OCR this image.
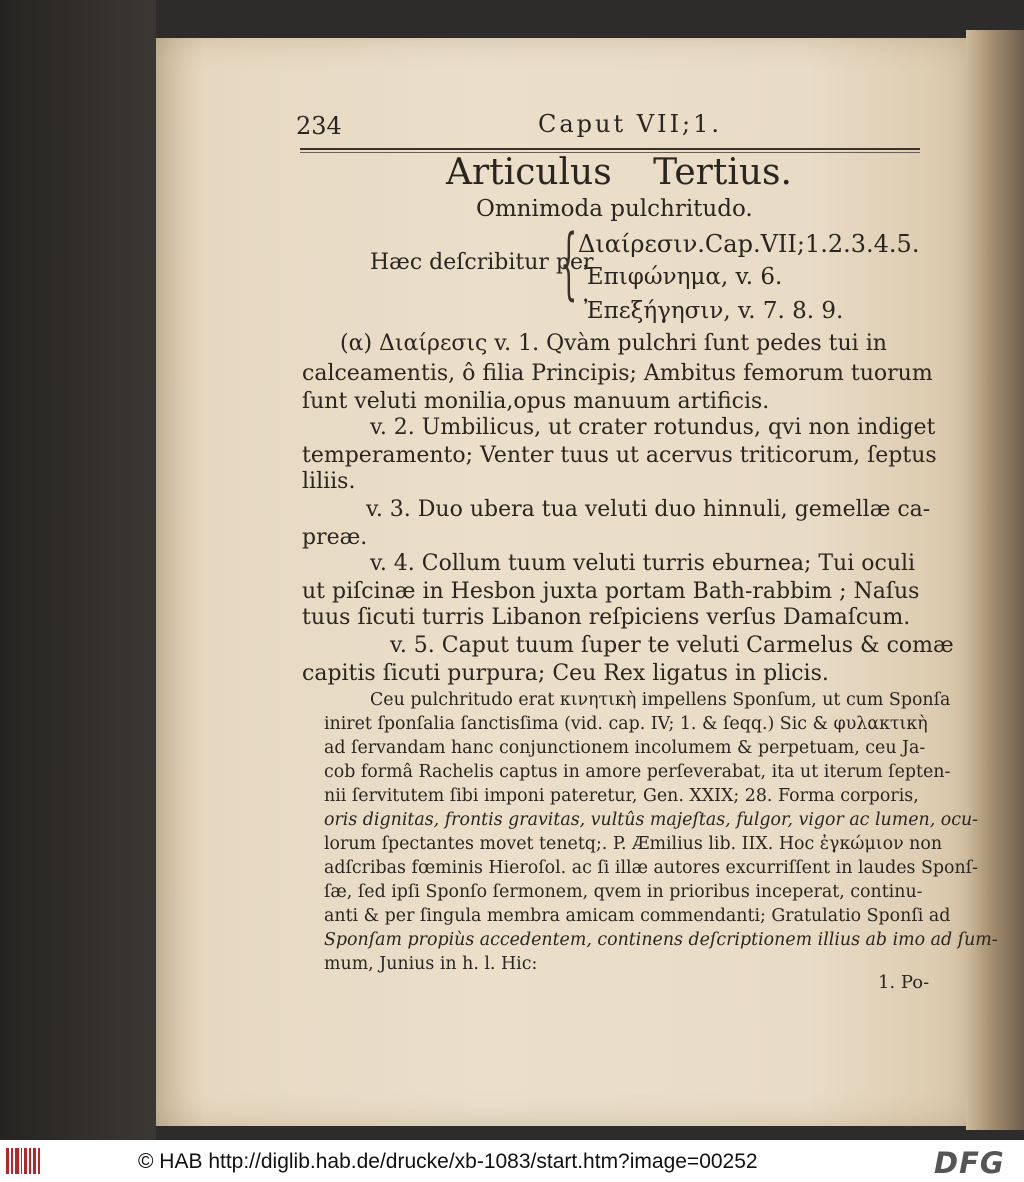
234	Caput VII;1.
Articulus Tertius.
Omnimoda pulchritudo.
Hæc deſcribitur per
{ Διαίρεσιν.Cap.VII;1.2.3.4.5.
Ἐπιφώνημα, v. 6.
Ἐπεξήγησιν, v. 7. 8. 9.
(α) Διαίρεσις v. 1. Qvàm pulchri ſunt pedes tui in
calceamentis, ô filia Principis; Ambitus femorum tuorum
ſunt veluti monilia,opus manuum artificis.
v. 2. Umbilicus, ut crater rotundus, qvi non indiget
temperamento; Venter tuus ut acervus triticorum, ſeptus
liliis.
v. 3. Duo ubera tua veluti duo hinnuli, gemellæ ca-
preæ.
v. 4. Collum tuum veluti turris eburnea; Tui oculi
ut piſcinæ in Hesbon juxta portam Bath-rabbim ; Naſus
tuus ſicuti turris Libanon reſpiciens verſus Damaſcum.
v. 5. Caput tuum ſuper te veluti Carmelus & comæ
capitis ſicuti purpura; Ceu Rex ligatus in plicis.
Ceu pulchritudo erat κινητικὴ impellens Sponſum, ut cum Sponſa
iniret ſponſalia ſanctisſima (vid. cap. IV; 1. & ſeqq.) Sic & φυλακτικὴ
ad ſervandam hanc conjunctionem incolumem & perpetuam, ceu Ja-
cob formâ Rachelis captus in amore perſeverabat, ita ut iterum ſepten-
nii ſervitutem ſibi imponi pateretur, Gen. XXIX; 28. Forma corporis,
oris dignitas, frontis gravitas, vultûs majeſtas, fulgor, vigor ac lumen, ocu-
lorum ſpectantes movet tenetq;. P. Æmilius lib. IIX. Hoc ἐγκώμιον non
adſcribas fœminis Hieroſol. ac ſi illæ autores excurriſſent in laudes Sponſ-
ſæ, ſed ipſi Sponſo ſermonem, qvem in prioribus inceperat, continu-
anti & per ſingula membra amicam commendanti; Gratulatio Sponſi ad
Sponſam propiùs accedentem, continens deſcriptionem illius ab imo ad ſum-
mum, Junius in h. l. Hic:
1. Po-
© HAB http://diglib.hab.de/drucke/xb-1083/start.htm?image=00252	DFG
